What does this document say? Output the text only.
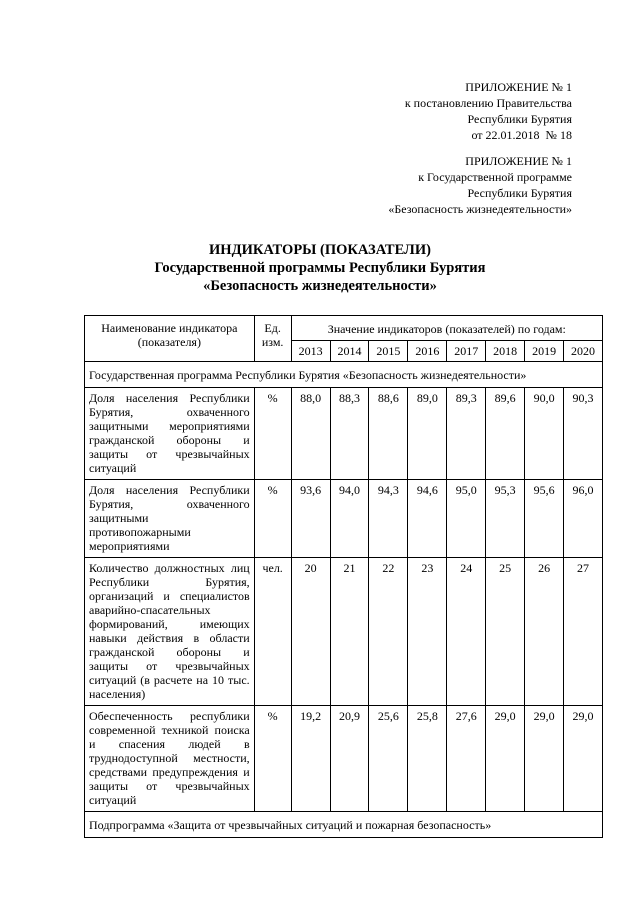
ПРИЛОЖЕНИЕ № 1
к постановлению Правительства
Республики Бурятия
от 22.01.2018  № 18
ПРИЛОЖЕНИЕ № 1
к Государственной программе
Республики Бурятия
«Безопасность жизнедеятельности»
ИНДИКАТОРЫ (ПОКАЗАТЕЛИ)
Государственной программы Республики Бурятия
«Безопасность жизнедеятельности»
Наименование индикатора (показателя)	Ед. изм.	Значение индикаторов (показателей) по годам:							
		2013	2014	2015	2016	2017	2018	2019	2020
Государственная программа Республики Бурятия «Безопасность жизнедеятельности»									
Доля населения Республики Бурятия, охваченного защитными мероприятиями гражданской обороны и защиты от чрезвычайных ситуаций	%	88,0	88,3	88,6	89,0	89,3	89,6	90,0	90,3
Доля населения Республики Бурятия, охваченного защитными противопожарными мероприятиями	%	93,6	94,0	94,3	94,6	95,0	95,3	95,6	96,0
Количество должностных лиц Республики Бурятия, организаций и специалистов аварийно-спасательных формирований, имеющих навыки действия в области гражданской обороны и защиты от чрезвычайных ситуаций (в расчете на 10 тыс. населения)	чел.	20	21	22	23	24	25	26	27
Обеспеченность республики современной техникой поиска и спасения людей в труднодоступной местности, средствами предупреждения и защиты от чрезвычайных ситуаций	%	19,2	20,9	25,6	25,8	27,6	29,0	29,0	29,0
Подпрограмма «Защита от чрезвычайных ситуаций и пожарная безопасность»									
